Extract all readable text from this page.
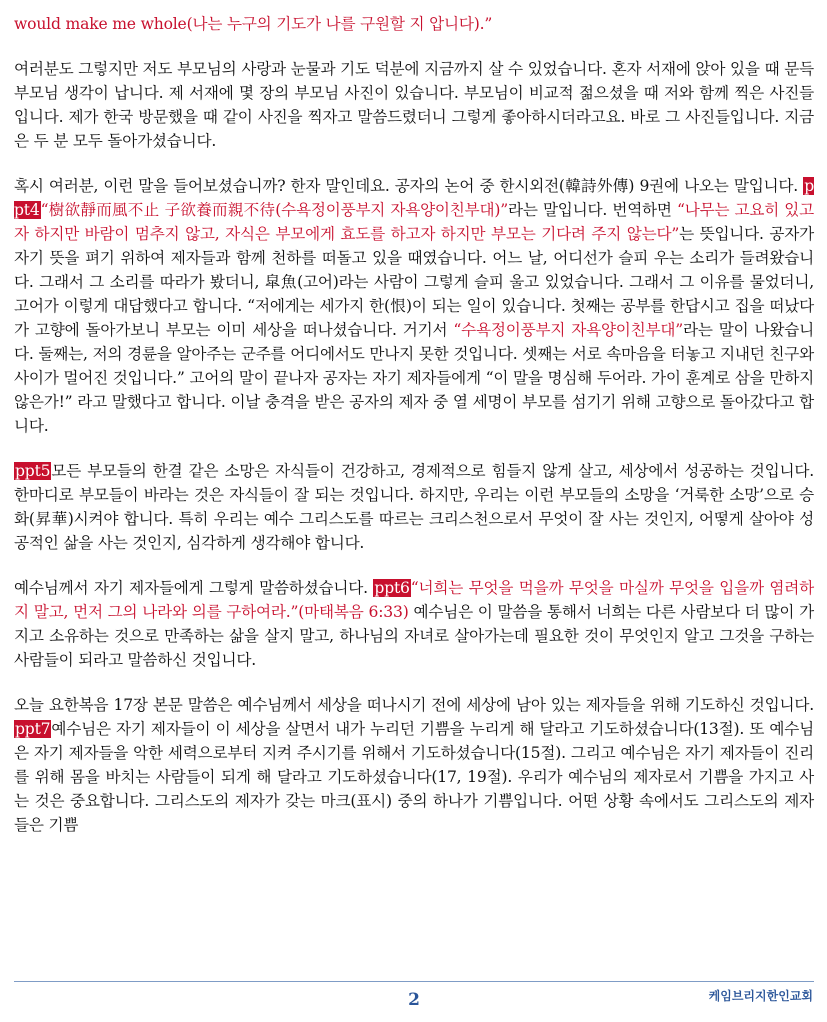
would make me whole(나는 누구의 기도가 나를 구원할 지 압니다).”

여러분도 그렇지만 저도 부모님의 사랑과 눈물과 기도 덕분에 지금까지 살 수 있었습니다. 혼자 서재에 앉아 있을 때 문득 부모님 생각이 납니다. 제 서재에 몇 장의 부모님 사진이 있습니다. 부모님이 비교적 젊으셨을 때 저와 함께 찍은 사진들입니다. 제가 한국 방문했을 때 같이 사진을 찍자고 말씀드렸더니 그렇게 좋아하시더라고요. 바로 그 사진들입니다. 지금은 두 분 모두 돌아가셨습니다.

혹시 여러분, 이런 말을 들어보셨습니까? 한자 말인데요. 공자의 논어 중 한시외전(韓詩外傳) 9권에 나오는 말입니다. ppt4“樹欲靜而風不止 子欲養而親不待(수욕정이풍부지 자욕양이친부대)”라는 말입니다. 번역하면 “나무는 고요히 있고자 하지만 바람이 멈추지 않고, 자식은 부모에게 효도를 하고자 하지만 부모는 기다려 주지 않는다”는 뜻입니다. 공자가 자기 뜻을 펴기 위하여 제자들과 함께 천하를 떠돌고 있을 때였습니다. 어느 날, 어디선가 슬피 우는 소리가 들려왔습니다. 그래서 그 소리를 따라가 봤더니, 皐魚(고어)라는 사람이 그렇게 슬피 울고 있었습니다. 그래서 그 이유를 물었더니, 고어가 이렇게 대답했다고 합니다. “저에게는 세가지 한(恨)이 되는 일이 있습니다. 첫째는 공부를 한답시고 집을 떠났다가 고향에 돌아가보니 부모는 이미 세상을 떠나셨습니다. 거기서 “수욕정이풍부지 자욕양이친부대”라는 말이 나왔습니다. 둘째는, 저의 경륜을 알아주는 군주를 어디에서도 만나지 못한 것입니다. 셋째는 서로 속마음을 터놓고 지내던 친구와 사이가 멀어진 것입니다.” 고어의 말이 끝나자 공자는 자기 제자들에게 “이 말을 명심해 두어라. 가이 훈계로 삼을 만하지 않은가!” 라고 말했다고 합니다. 이날 충격을 받은 공자의 제자 중 열 세명이 부모를 섬기기 위해 고향으로 돌아갔다고 합니다.

ppt5모든 부모들의 한결 같은 소망은 자식들이 건강하고, 경제적으로 힘들지 않게 살고, 세상에서 성공하는 것입니다. 한마디로 부모들이 바라는 것은 자식들이 잘 되는 것입니다. 하지만, 우리는 이런 부모들의 소망을 ‘거룩한 소망’으로 승화(昇華)시켜야 합니다. 특히 우리는 예수 그리스도를 따르는 크리스천으로서 무엇이 잘 사는 것인지, 어떻게 살아야 성공적인 삶을 사는 것인지, 심각하게 생각해야 합니다.

예수님께서 자기 제자들에게 그렇게 말씀하셨습니다. ppt6“너희는 무엇을 먹을까 무엇을 마실까 무엇을 입을까 염려하지 말고, 먼저 그의 나라와 의를 구하여라.”(마태복음 6:33) 예수님은 이 말씀을 통해서 너희는 다른 사람보다 더 많이 가지고 소유하는 것으로 만족하는 삶을 살지 말고, 하나님의 자녀로 살아가는데 필요한 것이 무엇인지 알고 그것을 구하는 사람들이 되라고 말씀하신 것입니다.

오늘 요한복음 17장 본문 말씀은 예수님께서 세상을 떠나시기 전에 세상에 남아 있는 제자들을 위해 기도하신 것입니다. ppt7예수님은 자기 제자들이 이 세상을 살면서 내가 누리던 기쁨을 누리게 해 달라고 기도하셨습니다(13절). 또 예수님은 자기 제자들을 악한 세력으로부터 지켜 주시기를 위해서 기도하셨습니다(15절). 그리고 예수님은 자기 제자들이 진리를 위해 몸을 바치는 사람들이 되게 해 달라고 기도하셨습니다(17, 19절). 우리가 예수님의 제자로서 기쁨을 가지고 사는 것은 중요합니다. 그리스도의 제자가 갖는 마크(표시) 중의 하나가 기쁨입니다. 어떤 상황 속에서도 그리스도의 제자들은 기쁨

2	케임브리지한인교회
